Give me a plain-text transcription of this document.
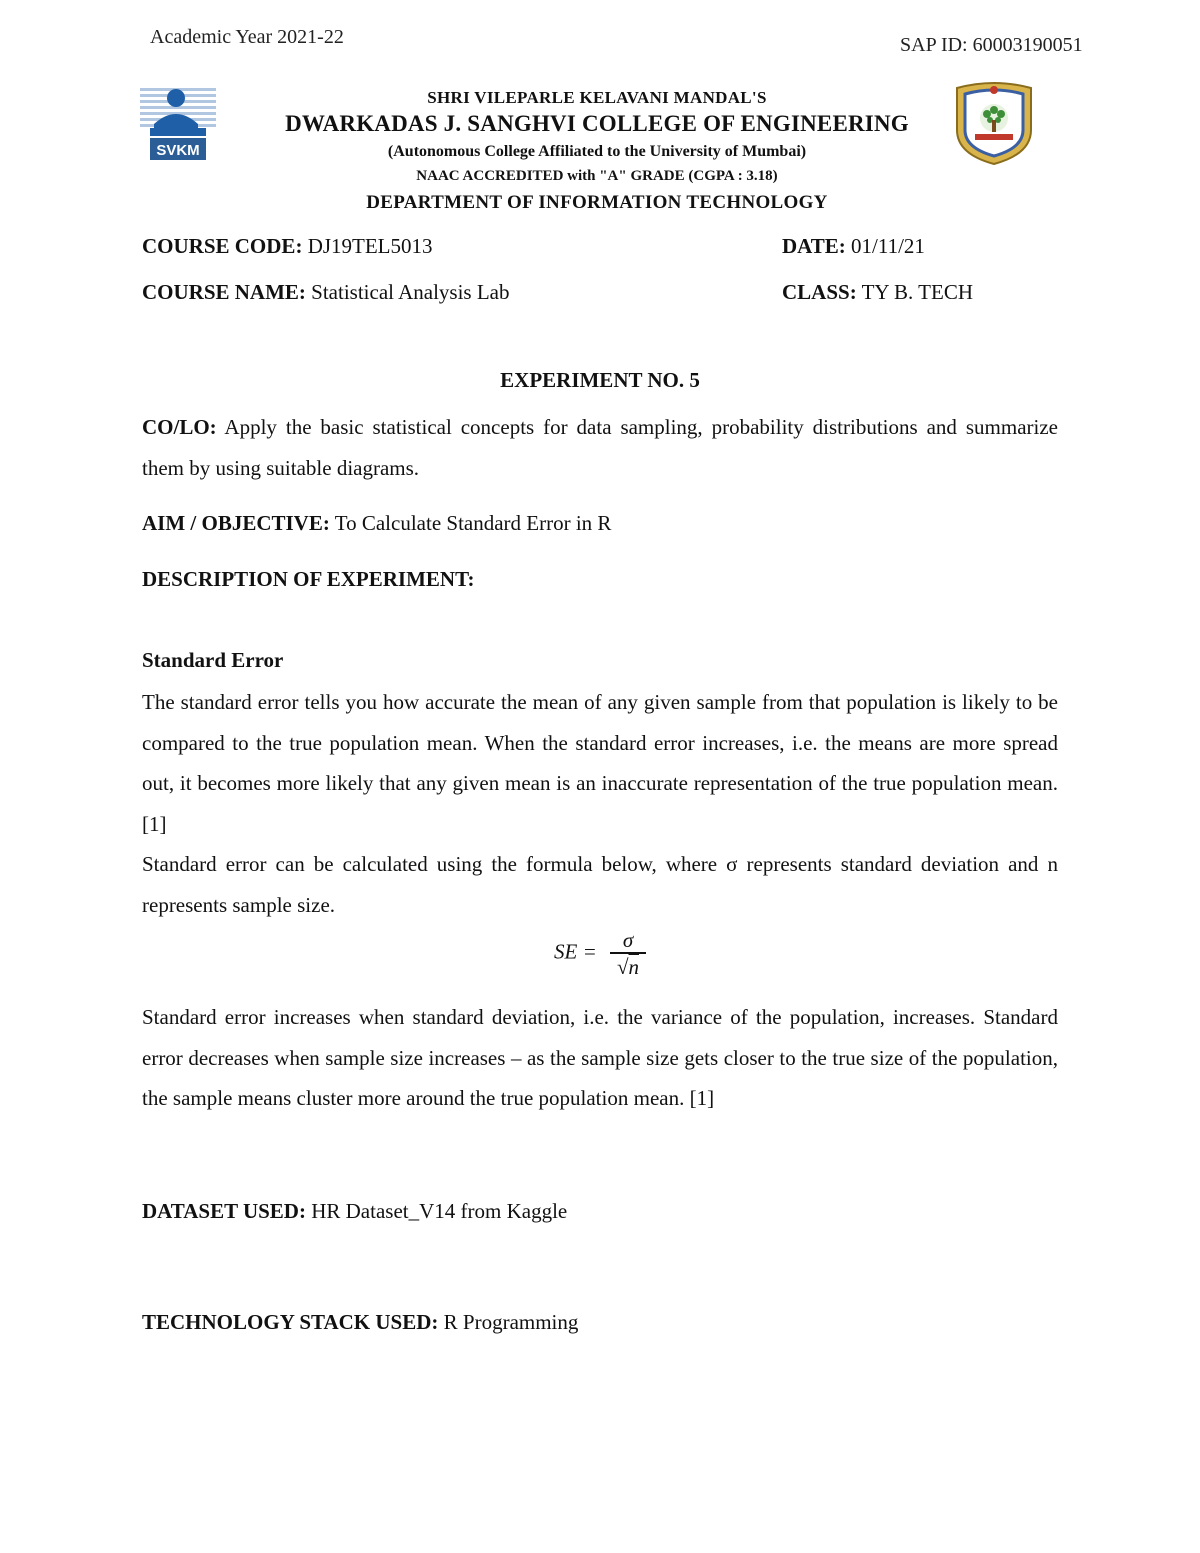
Academic Year 2021-22	SAP ID: 60003190051
SVKM
SHRI VILEPARLE KELAVANI MANDAL'S
DWARKADAS J. SANGHVI COLLEGE OF ENGINEERING
(Autonomous College Affiliated to the University of Mumbai)
NAAC ACCREDITED with "A" GRADE (CGPA : 3.18)
DEPARTMENT OF INFORMATION TECHNOLOGY
COURSE CODE: DJ19TEL5013	DATE: 01/11/21
COURSE NAME: Statistical Analysis Lab	CLASS: TY B. TECH
EXPERIMENT NO. 5
CO/LO: Apply the basic statistical concepts for data sampling, probability distributions and summarize them by using suitable diagrams.
AIM / OBJECTIVE: To Calculate Standard Error in R
DESCRIPTION OF EXPERIMENT:
Standard Error
The standard error tells you how accurate the mean of any given sample from that population is likely to be compared to the true population mean. When the standard error increases, i.e. the means are more spread out, it becomes more likely that any given mean is an inaccurate representation of the true population mean. [1]
Standard error can be calculated using the formula below, where σ represents standard deviation and n represents sample size.
SE = $\frac{\sigma}{√n}$
Standard error increases when standard deviation, i.e. the variance of the population, increases. Standard error decreases when sample size increases – as the sample size gets closer to the true size of the population, the sample means cluster more around the true population mean. [1]
DATASET USED: HR Dataset_V14 from Kaggle
TECHNOLOGY STACK USED: R Programming
